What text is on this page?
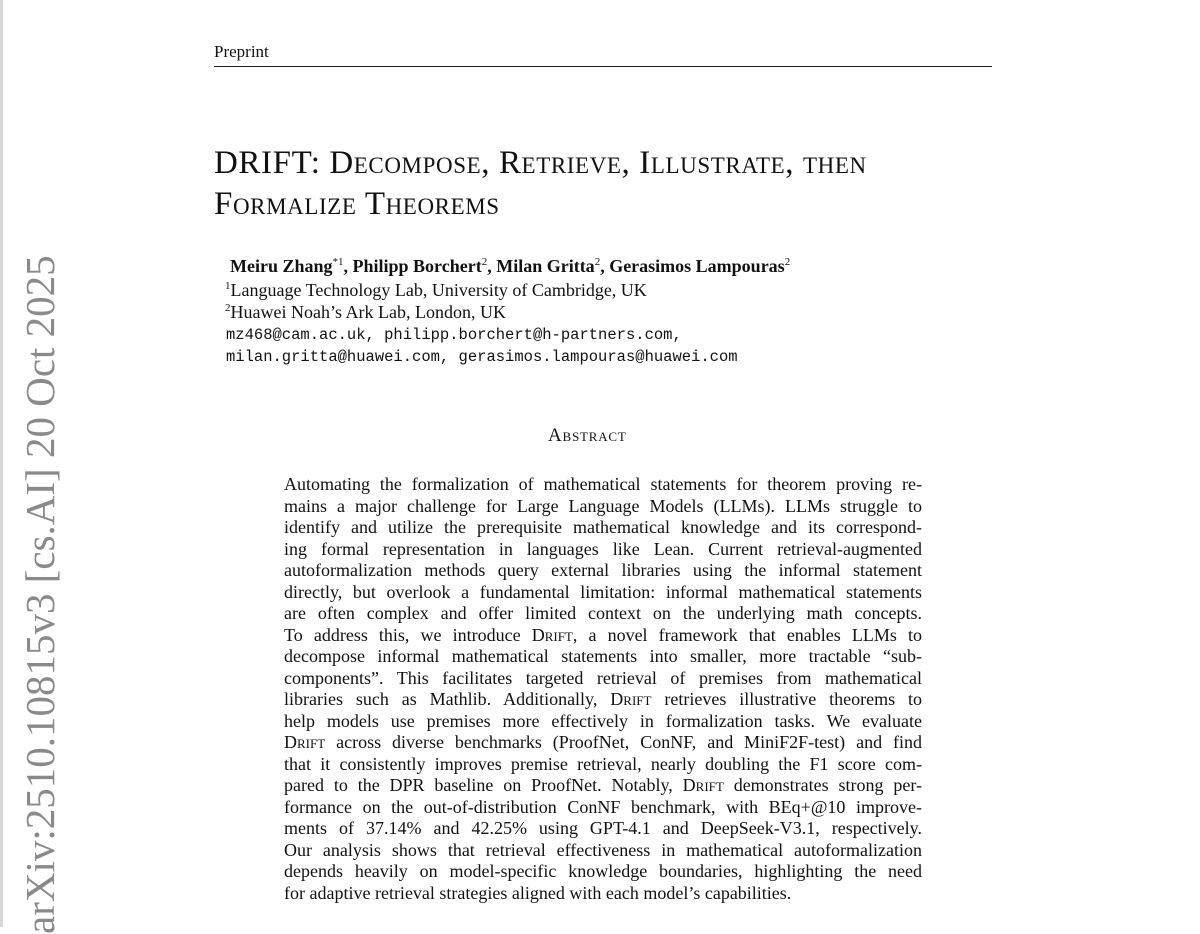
arXiv:2510.10815v3 [cs.AI] 20 Oct 2025
Preprint
DRIFT: Decompose, Retrieve, Illustrate, then
Formalize Theorems
Meiru Zhang$^{*1}$, Philipp Borchert$^2$, Milan Gritta$^2$, Gerasimos Lampouras$^2$
$^1$Language Technology Lab, University of Cambridge, UK
$^2$Huawei Noah’s Ark Lab, London, UK
mz468@cam.ac.uk, philipp.borchert@h-partners.com,
milan.gritta@huawei.com, gerasimos.lampouras@huawei.com
Abstract
Automating the formalization of mathematical statements for theorem proving re-
mains a major challenge for Large Language Models (LLMs). LLMs struggle to
identify and utilize the prerequisite mathematical knowledge and its correspond-
ing formal representation in languages like Lean. Current retrieval-augmented
autoformalization methods query external libraries using the informal statement
directly, but overlook a fundamental limitation: informal mathematical statements
are often complex and offer limited context on the underlying math concepts.
To address this, we introduce Drift, a novel framework that enables LLMs to
decompose informal mathematical statements into smaller, more tractable “sub-
components”. This facilitates targeted retrieval of premises from mathematical
libraries such as Mathlib. Additionally, Drift retrieves illustrative theorems to
help models use premises more effectively in formalization tasks. We evaluate
Drift across diverse benchmarks (ProofNet, ConNF, and MiniF2F-test) and find
that it consistently improves premise retrieval, nearly doubling the F1 score com-
pared to the DPR baseline on ProofNet. Notably, Drift demonstrates strong per-
formance on the out-of-distribution ConNF benchmark, with BEq+@10 improve-
ments of 37.14% and 42.25% using GPT-4.1 and DeepSeek-V3.1, respectively.
Our analysis shows that retrieval effectiveness in mathematical autoformalization
depends heavily on model-specific knowledge boundaries, highlighting the need
for adaptive retrieval strategies aligned with each model’s capabilities.
